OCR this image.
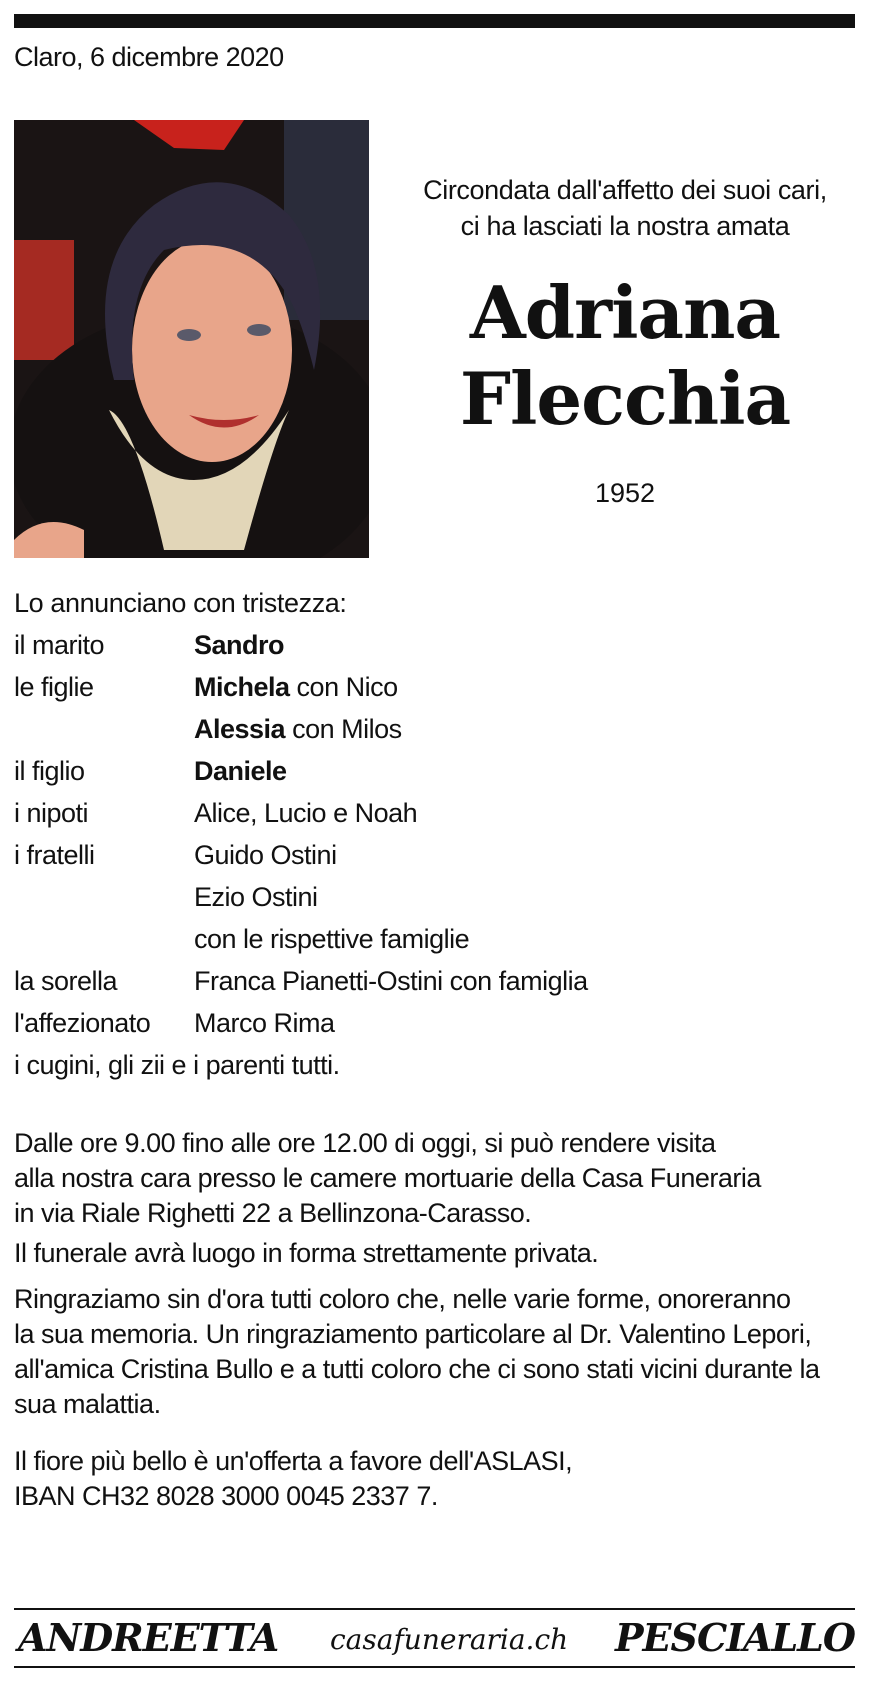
Claro, 6 dicembre 2020
Circondata dall'affetto dei suoi cari,
ci ha lasciati la nostra amata
Adriana
Flecchia
1952
Lo annunciano con tristezza:
il marito	Sandro
le figlie	Michela con Nico
Alessia con Milos
il figlio	Daniele
i nipoti	Alice, Lucio e Noah
i fratelli	Guido Ostini
Ezio Ostini
con le rispettive famiglie
la sorella	Franca Pianetti-Ostini con famiglia
l'affezionato Marco Rima
i cugini, gli zii e i parenti tutti.
Dalle ore 9.00 fino alle ore 12.00 di oggi, si può rendere visita
alla nostra cara presso le camere mortuarie della Casa Funeraria
in via Riale Righetti 22 a Bellinzona-Carasso.
Il funerale avrà luogo in forma strettamente privata.
Ringraziamo sin d'ora tutti coloro che, nelle varie forme, onoreranno
la sua memoria. Un ringraziamento particolare al Dr. Valentino Lepori,
all'amica Cristina Bullo e a tutti coloro che ci sono stati vicini durante la
sua malattia.
Il fiore più bello è un'offerta a favore dell'ASLASI,
IBAN CH32 8028 3000 0045 2337 7.
ANDREETTA casafuneraria.ch PESCIALLO
